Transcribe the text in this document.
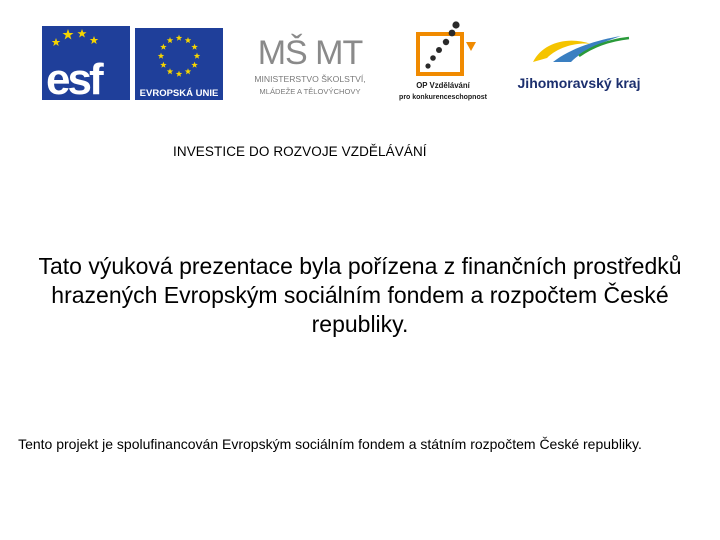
esf	EVROPSKÁ UNIE
MŠ MT
MINISTERSTVO ŠKOLSTVÍ,
MLÁDEŽE A TĚLOVÝCHOVY
OP Vzdělávání
pro konkurenceschopnost
Jihomoravský kraj
INVESTICE DO ROZVOJE VZDĚLÁVÁNÍ
Tato výuková prezentace byla pořízena z finančních prostředků hrazených Evropským sociálním fondem a rozpočtem České republiky.
Tento projekt je spolufinancován Evropským sociálním fondem a státním rozpočtem České republiky.
